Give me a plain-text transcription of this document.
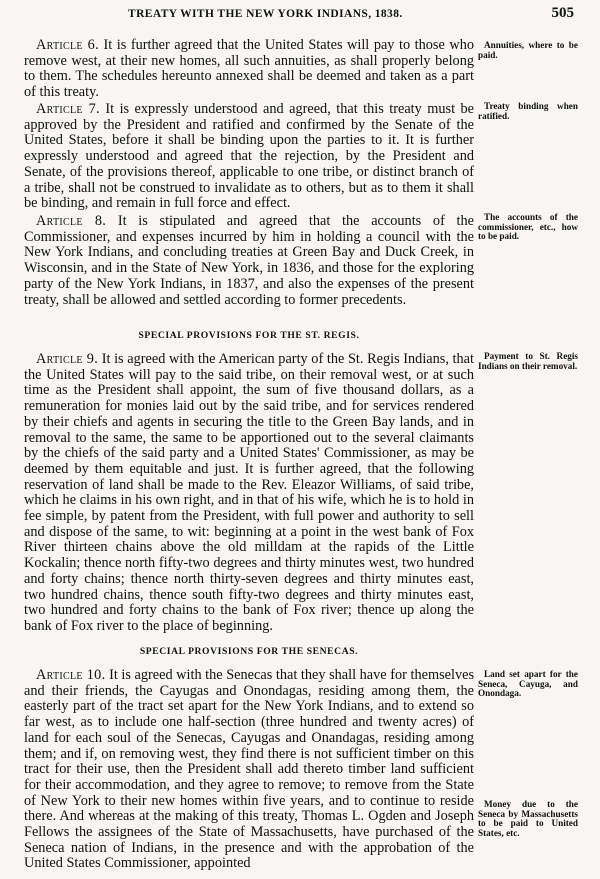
TREATY WITH THE NEW YORK INDIANS, 1838.	505

Article 6. It is further agreed that the United States will pay to those who remove west, at their new homes, all such annuities, as shall properly belong to them. The schedules hereunto annexed shall be deemed and taken as a part of this treaty.

Article 7. It is expressly understood and agreed, that this treaty must be approved by the President and ratified and confirmed by the Senate of the United States, before it shall be binding upon the parties to it. It is further expressly understood and agreed that the rejection, by the President and Senate, of the provisions thereof, applicable to one tribe, or distinct branch of a tribe, shall not be construed to invalidate as to others, but as to them it shall be binding, and remain in full force and effect.

Article 8. It is stipulated and agreed that the accounts of the Commissioner, and expenses incurred by him in holding a council with the New York Indians, and concluding treaties at Green Bay and Duck Creek, in Wisconsin, and in the State of New York, in 1836, and those for the exploring party of the New York Indians, in 1837, and also the expenses of the present treaty, shall be allowed and settled according to former precedents.

SPECIAL PROVISIONS FOR THE ST. REGIS.

Article 9. It is agreed with the American party of the St. Regis Indians, that the United States will pay to the said tribe, on their removal west, or at such time as the President shall appoint, the sum of five thousand dollars, as a remuneration for monies laid out by the said tribe, and for services rendered by their chiefs and agents in securing the title to the Green Bay lands, and in removal to the same, the same to be apportioned out to the several claimants by the chiefs of the said party and a United States' Commissioner, as may be deemed by them equitable and just. It is further agreed, that the following reservation of land shall be made to the Rev. Eleazor Williams, of said tribe, which he claims in his own right, and in that of his wife, which he is to hold in fee simple, by patent from the President, with full power and authority to sell and dispose of the same, to wit: beginning at a point in the west bank of Fox River thirteen chains above the old milldam at the rapids of the Little Kockalin; thence north fifty-two degrees and thirty minutes west, two hundred and forty chains; thence north thirty-seven degrees and thirty minutes east, two hundred chains, thence south fifty-two degrees and thirty minutes east, two hundred and forty chains to the bank of Fox river; thence up along the bank of Fox river to the place of beginning.

SPECIAL PROVISIONS FOR THE SENECAS.

Article 10. It is agreed with the Senecas that they shall have for themselves and their friends, the Cayugas and Onondagas, residing among them, the easterly part of the tract set apart for the New York Indians, and to extend so far west, as to include one half-section (three hundred and twenty acres) of land for each soul of the Senecas, Cayugas and Onandagas, residing among them; and if, on removing west, they find there is not sufficient timber on this tract for their use, then the President shall add thereto timber land sufficient for their accommodation, and they agree to remove; to remove from the State of New York to their new homes within five years, and to continue to reside there. And whereas at the making of this treaty, Thomas L. Ogden and Joseph Fellows the assignees of the State of Massachusetts, have purchased of the Seneca nation of Indians, in the presence and with the approbation of the United States Commissioner, appointed

Annuities, where to be paid.
Treaty binding when ratified.
The accounts of the commissioner, etc., how to be paid.
Payment to St. Regis Indians on their removal.
Land set apart for the Seneca, Cayuga, and Onondaga.
Money due to the Seneca by Massachusetts to be paid to United States, etc.
